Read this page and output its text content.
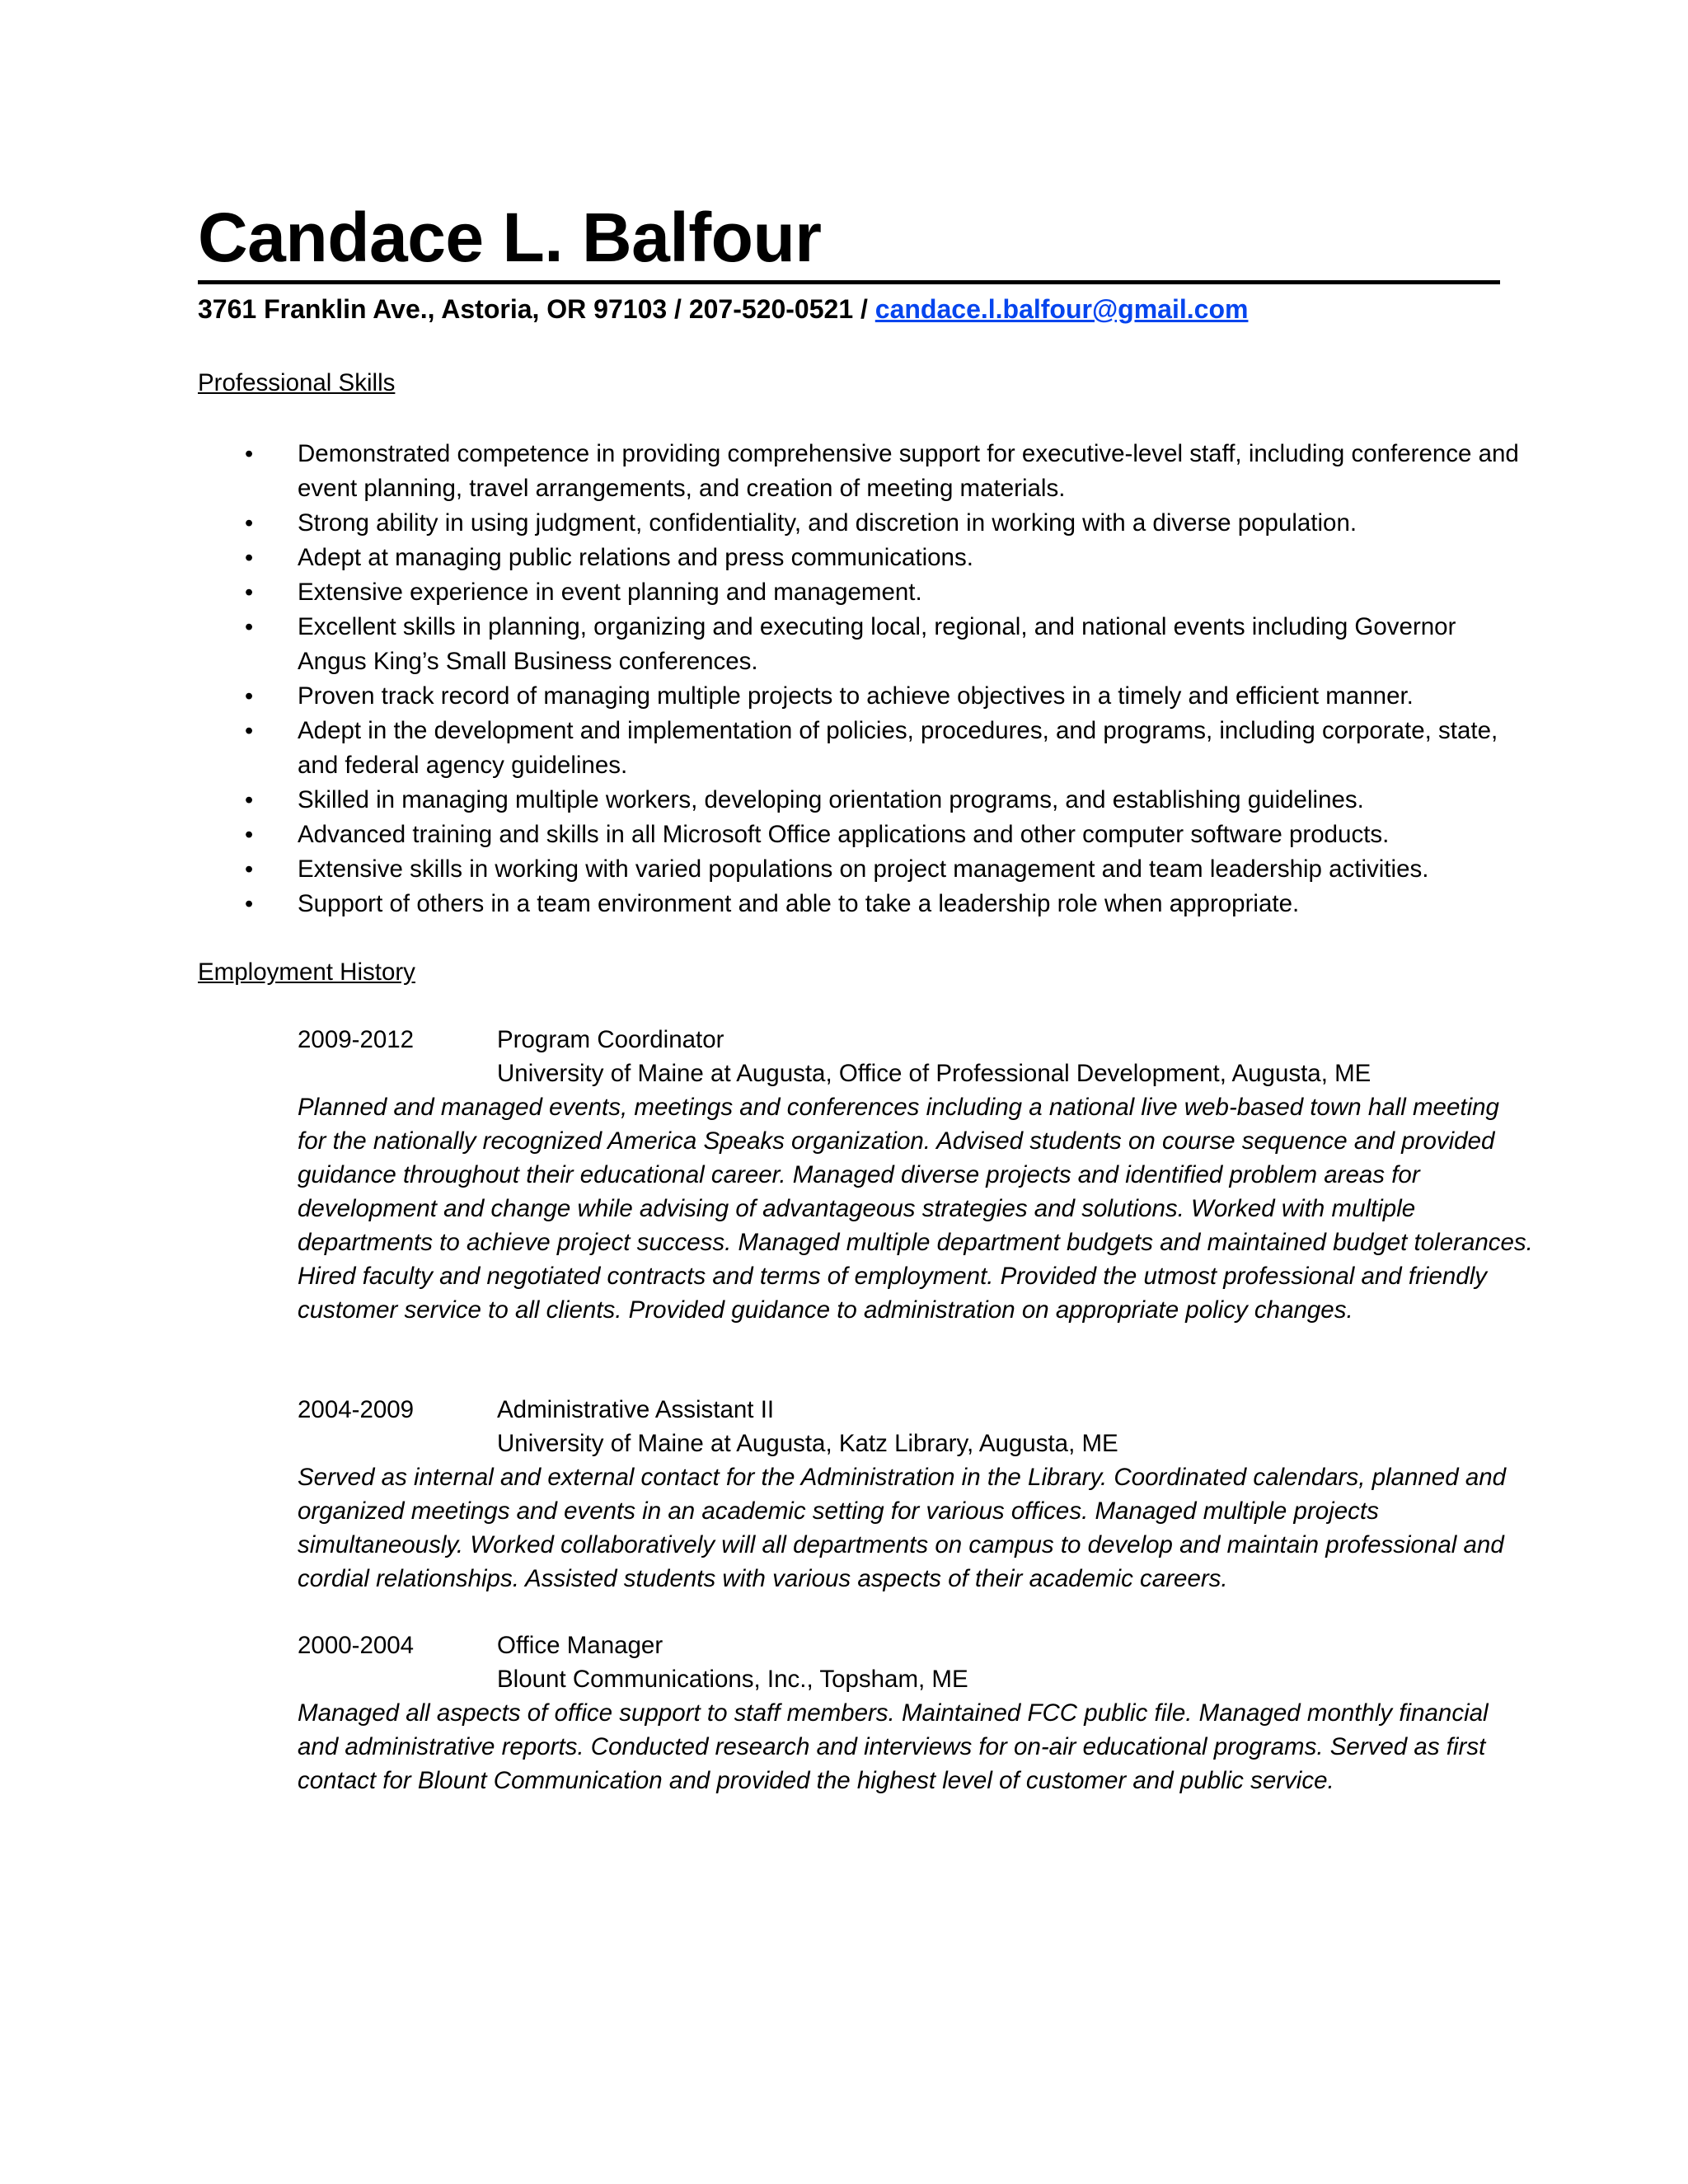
Candace L. Balfour
3761 Franklin Ave., Astoria, OR 97103 / 207-520-0521 / candace.l.balfour@gmail.com
Professional Skills
• Demonstrated competence in providing comprehensive support for executive-level staff, including conference and event planning, travel arrangements, and creation of meeting materials.
• Strong ability in using judgment, confidentiality, and discretion in working with a diverse population.
• Adept at managing public relations and press communications.
• Extensive experience in event planning and management.
• Excellent skills in planning, organizing and executing local, regional, and national events including Governor Angus King’s Small Business conferences.
• Proven track record of managing multiple projects to achieve objectives in a timely and efficient manner.
• Adept in the development and implementation of policies, procedures, and programs, including corporate, state, and federal agency guidelines.
• Skilled in managing multiple workers, developing orientation programs, and establishing guidelines.
• Advanced training and skills in all Microsoft Office applications and other computer software products.
• Extensive skills in working with varied populations on project management and team leadership activities.
• Support of others in a team environment and able to take a leadership role when appropriate.
Employment History
2009-2012	Program Coordinator
University of Maine at Augusta, Office of Professional Development, Augusta, ME

Planned and managed events, meetings and conferences including a national live web-based town hall meeting for the nationally recognized America Speaks organization. Advised students on course sequence and provided guidance throughout their educational career. Managed diverse projects and identified problem areas for development and change while advising of advantageous strategies and solutions. Worked with multiple departments to achieve project success. Managed multiple department budgets and maintained budget tolerances. Hired faculty and negotiated contracts and terms of employment. Provided the utmost professional and friendly customer service to all clients. Provided guidance to administration on appropriate policy changes.

2004-2009	Administrative Assistant II
University of Maine at Augusta, Katz Library, Augusta, ME

Served as internal and external contact for the Administration in the Library. Coordinated calendars, planned and organized meetings and events in an academic setting for various offices. Managed multiple projects simultaneously. Worked collaboratively will all departments on campus to develop and maintain professional and cordial relationships. Assisted students with various aspects of their academic careers.

2000-2004	Office Manager
Blount Communications, Inc., Topsham, ME

Managed all aspects of office support to staff members. Maintained FCC public file. Managed monthly financial and administrative reports. Conducted research and interviews for on-air educational programs. Served as first contact for Blount Communication and provided the highest level of customer and public service.
